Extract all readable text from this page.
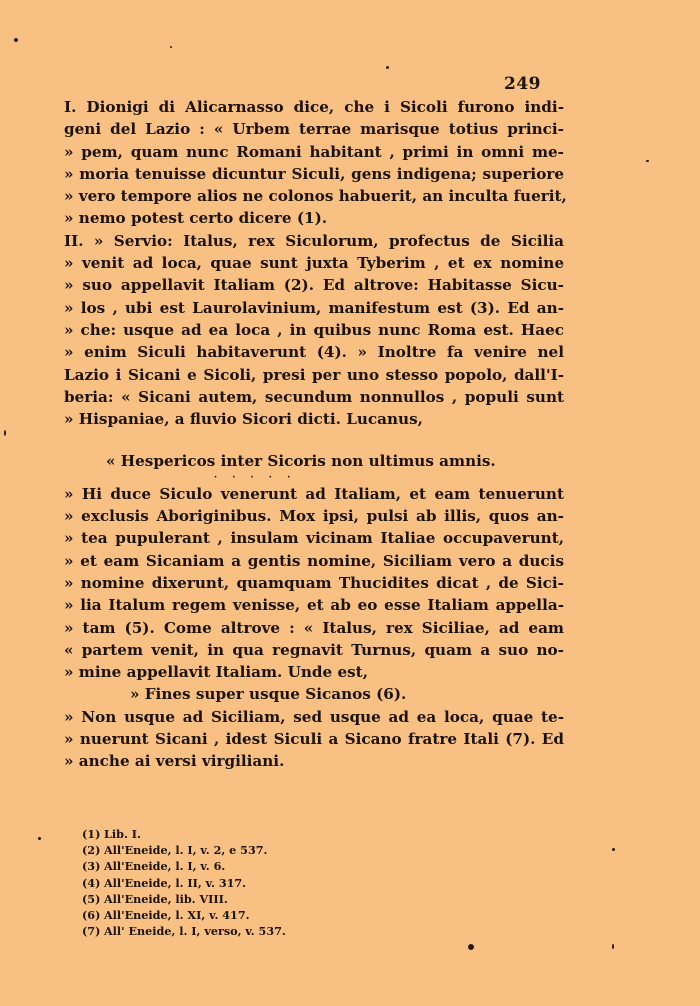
249
I. Dionigi di Alicarnasso dice, che i Sicoli furono indi-
geni del Lazio : « Urbem terrae marisque totius princi-
» pem, quam nunc Romani habitant , primi in omni me-
» moria tenuisse dicuntur Siculi, gens indigena; superiore
» vero tempore alios ne colonos habuerit, an inculta fuerit,
» nemo potest certo dicere (1).
II. » Servio: Italus, rex Siculorum, profectus de Sicilia
» venit ad loca, quae sunt juxta Tyberim , et ex nomine
» suo appellavit Italiam (2). Ed altrove: Habitasse Sicu-
» los , ubi est Laurolavinium, manifestum est (3). Ed an-
» che: usque ad ea loca , in quibus nunc Roma est. Haec
» enim Siculi habitaverunt (4). » Inoltre fa venire nel
Lazio i Sicani e Sicoli, presi per uno stesso popolo, dall'I-
beria: « Sicani autem, secundum nonnullos , populi sunt
» Hispaniae, a fluvio Sicori dicti. Lucanus,
« Hespericos inter Sicoris non ultimus amnis.
· · · · ·
» Hi duce Siculo venerunt ad Italiam, et eam tenuerunt
» exclusis Aboriginibus. Mox ipsi, pulsi ab illis, quos an-
» tea pupulerant , insulam vicinam Italiae occupaverunt,
» et eam Sicaniam a gentis nomine, Siciliam vero a ducis
» nomine dixerunt, quamquam Thucidites dicat , de Sici-
» lia Italum regem venisse, et ab eo esse Italiam appella-
» tam (5). Come altrove : « Italus, rex Siciliae, ad eam
« partem venit, in qua regnavit Turnus, quam a suo no-
» mine appellavit Italiam. Unde est,
» Fines super usque Sicanos (6).
» Non usque ad Siciliam, sed usque ad ea loca, quae te-
» nuerunt Sicani , idest Siculi a Sicano fratre Itali (7). Ed
» anche ai versi virgiliani.
(1) Lib. I.
(2) All'Eneide, l. I, v. 2, e 537.
(3) All'Eneide, l. I, v. 6.
(4) All'Eneide, l. II, v. 317.
(5) All'Eneide, lib. VIII.
(6) All'Eneide, l. XI, v. 417.
(7) All' Eneide, l. I, verso, v. 537.
